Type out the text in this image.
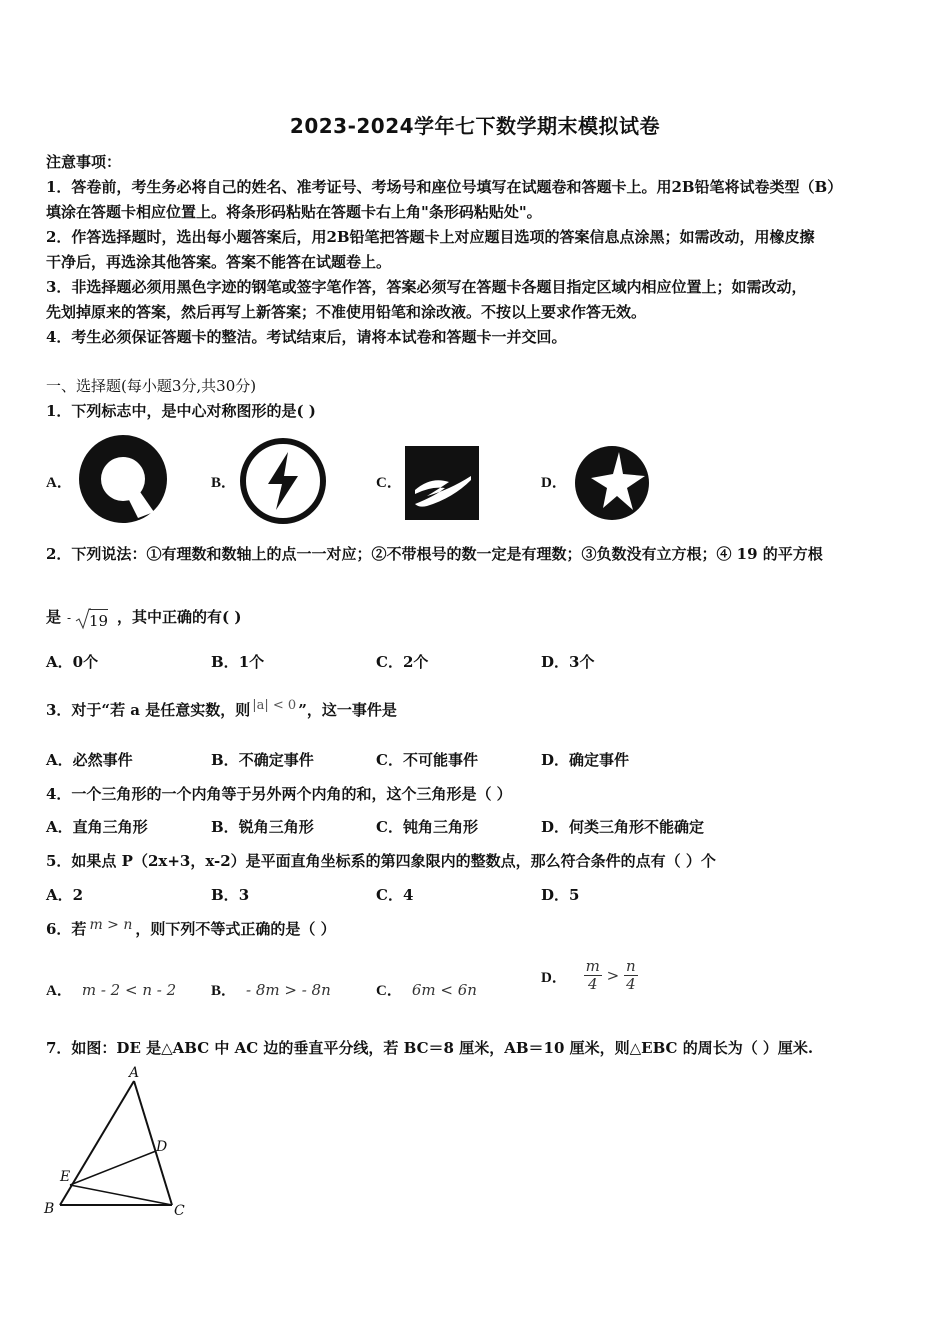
2023-2024学年七下数学期末模拟试卷
注意事项：
1．答卷前，考生务必将自己的姓名、准考证号、考场号和座位号填写在试题卷和答题卡上。用2B铅笔将试卷类型（B）
填涂在答题卡相应位置上。将条形码粘贴在答题卡右上角"条形码粘贴处"。
2．作答选择题时，选出每小题答案后，用2B铅笔把答题卡上对应题目选项的答案信息点涂黑；如需改动，用橡皮擦
干净后，再选涂其他答案。答案不能答在试题卷上。
3．非选择题必须用黑色字迹的钢笔或签字笔作答，答案必须写在答题卡各题目指定区域内相应位置上；如需改动，
先划掉原来的答案，然后再写上新答案；不准使用铅笔和涂改液。不按以上要求作答无效。
4．考生必须保证答题卡的整洁。考试结束后，请将本试卷和答题卡一并交回。
一、选择题(每小题3分,共30分)
1．下列标志中，是中心对称图形的是( )
A．	B．	C．	D．
2．下列说法：①有理数和数轴上的点一一对应；②不带根号的数一定是有理数；③负数没有立方根；④ 19 的平方根
是 - 19 ，其中正确的有( )
A．0个	B．1个	C．2个	D．3个
3．对于“若 a 是任意实数，则 |a| < 0 ”，这一事件是
A．必然事件	B．不确定事件	C．不可能事件	D．确定事件
4．一个三角形的一个内角等于另外两个内角的和，这个三角形是（ ）
A．直角三角形	B．锐角三角形	C．钝角三角形	D．何类三角形不能确定
5．如果点 P（2x+3，x-2）是平面直角坐标系的第四象限内的整数点，那么符合条件的点有（ ）个
A．2	B．3	C．4	D．5
6．若 m > n ，则下列不等式正确的是（ ）
A． m - 2 < n - 2 B． - 8m > - 8n	C． 6m < 6n
D． $\frac{m}{4} > \frac{n}{4}$
7．如图：DE 是△ABC 中 AC 边的垂直平分线，若 BC＝8 厘米，AB＝10 厘米，则△EBC 的周长为（ ）厘米.
A
D
E
B	C
